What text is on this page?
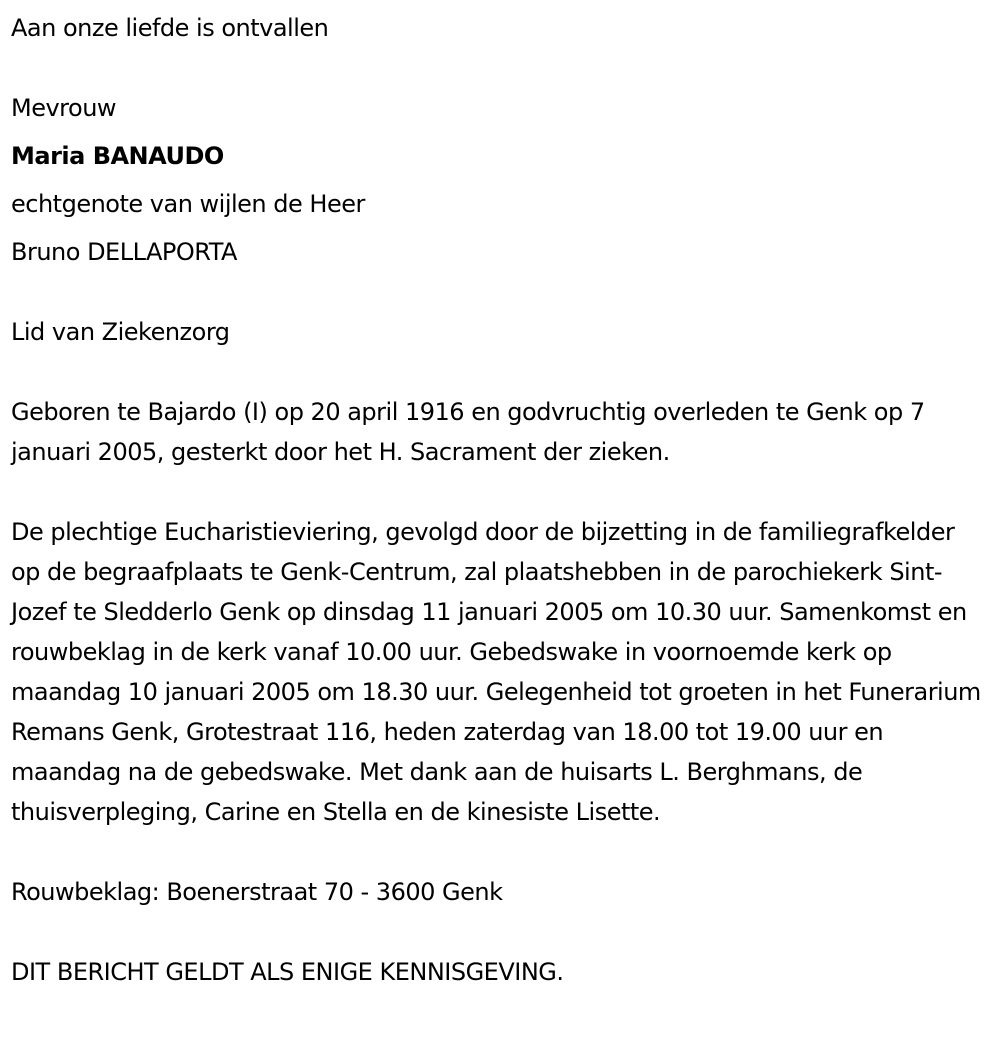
Aan onze liefde is ontvallen

Mevrouw

Maria BANAUDO

echtgenote van wijlen de Heer

Bruno DELLAPORTA

Lid van Ziekenzorg

Geboren te Bajardo (I) op 20 april 1916 en godvruchtig overleden te Genk op 7 januari 2005, gesterkt door het H. Sacrament der zieken.

De plechtige Eucharistieviering, gevolgd door de bijzetting in de familiegrafkelder op de begraafplaats te Genk-Centrum, zal plaatshebben in de parochiekerk Sint-Jozef te Sledderlo Genk op dinsdag 11 januari 2005 om 10.30 uur. Samenkomst en rouwbeklag in de kerk vanaf 10.00 uur. Gebedswake in voornoemde kerk op maandag 10 januari 2005 om 18.30 uur. Gelegenheid tot groeten in het Funerarium Remans Genk, Grotestraat 116, heden zaterdag van 18.00 tot 19.00 uur en maandag na de gebedswake. Met dank aan de huisarts L. Berghmans, de thuisverpleging, Carine en Stella en de kinesiste Lisette.

Rouwbeklag: Boenerstraat 70 - 3600 Genk

DIT BERICHT GELDT ALS ENIGE KENNISGEVING.
